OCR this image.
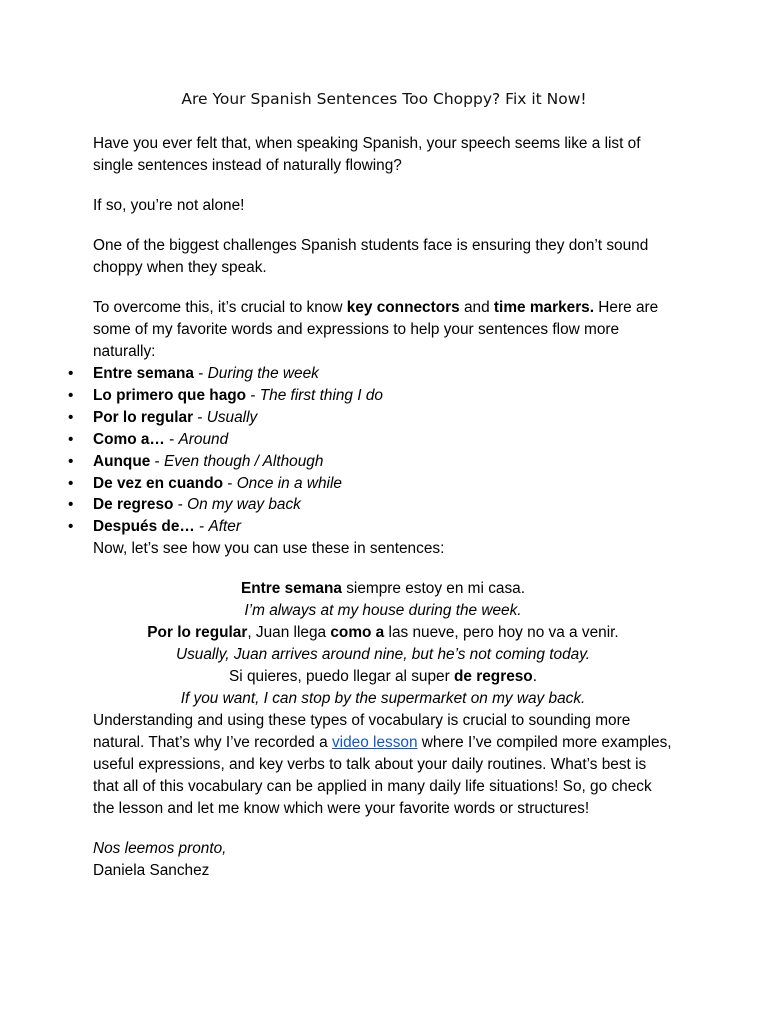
Are Your Spanish Sentences Too Choppy? Fix it Now!

Have you ever felt that, when speaking Spanish, your speech seems like a list of single sentences instead of naturally flowing?

If so, you’re not alone!

One of the biggest challenges Spanish students face is ensuring they don’t sound choppy when they speak.

To overcome this, it’s crucial to know key connectors and time markers. Here are some of my favorite words and expressions to help your sentences flow more naturally:

• Entre semana - During the week
• Lo primero que hago - The first thing I do
• Por lo regular - Usually
• Como a… - Around
• Aunque - Even though / Although
• De vez en cuando - Once in a while
• De regreso - On my way back
• Después de… - After

Now, let’s see how you can use these in sentences:

Entre semana siempre estoy en mi casa.
I’m always at my house during the week.
Por lo regular, Juan llega como a las nueve, pero hoy no va a venir.
Usually, Juan arrives around nine, but he’s not coming today.
Si quieres, puedo llegar al super de regreso.
If you want, I can stop by the supermarket on my way back.

Understanding and using these types of vocabulary is crucial to sounding more natural. That’s why I’ve recorded a video lesson where I’ve compiled more examples, useful expressions, and key verbs to talk about your daily routines. What’s best is that all of this vocabulary can be applied in many daily life situations! So, go check the lesson and let me know which were your favorite words or structures!

Nos leemos pronto,

Daniela Sanchez
